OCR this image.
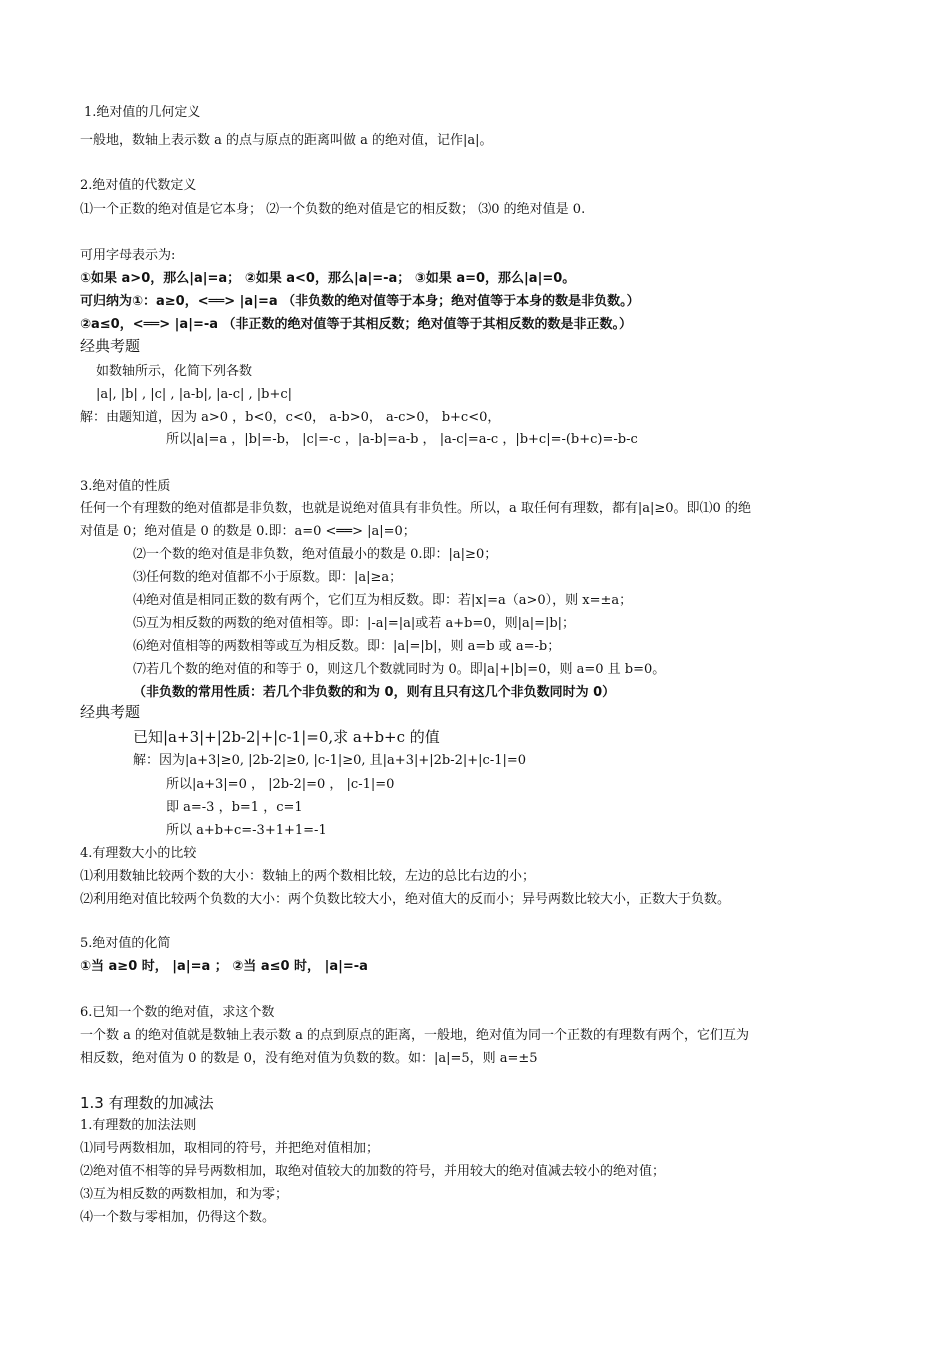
1.绝对值的几何定义
一般地，数轴上表示数 a 的点与原点的距离叫做 a 的绝对值，记作|a|。
2.绝对值的代数定义
⑴一个正数的绝对值是它本身； ⑵一个负数的绝对值是它的相反数； ⑶0 的绝对值是 0.
可用字母表示为:
①如果 a>0，那么|a|=a； ②如果 a<0，那么|a|=-a； ③如果 a=0，那么|a|=0。
可归纳为①：a≥0，<══> |a|=a （非负数的绝对值等于本身；绝对值等于本身的数是非负数。）
②a≤0，<══> |a|=-a （非正数的绝对值等于其相反数；绝对值等于其相反数的数是非正数。）
经典考题
如数轴所示，化简下列各数
|a|, |b| , |c| , |a-b|, |a-c| , |b+c|
解：由题知道，因为 a>0 ，b<0，c<0， a-b>0， a-c>0， b+c<0，
所以|a|=a ，|b|=-b， |c|=-c ，|a-b|=a-b ， |a-c|=a-c ，|b+c|=-(b+c)=-b-c
3.绝对值的性质
任何一个有理数的绝对值都是非负数，也就是说绝对值具有非负性。所以，a 取任何有理数，都有|a|≥0。即⑴0 的绝
对值是 0；绝对值是 0 的数是 0.即：a=0 <══> |a|=0；
⑵一个数的绝对值是非负数，绝对值最小的数是 0.即：|a|≥0；
⑶任何数的绝对值都不小于原数。即：|a|≥a；
⑷绝对值是相同正数的数有两个，它们互为相反数。即：若|x|=a（a>0），则 x=±a；
⑸互为相反数的两数的绝对值相等。即：|-a|=|a|或若 a+b=0，则|a|=|b|；
⑹绝对值相等的两数相等或互为相反数。即：|a|=|b|，则 a=b 或 a=-b；
⑺若几个数的绝对值的和等于 0，则这几个数就同时为 0。即|a|+|b|=0，则 a=0 且 b=0。
（非负数的常用性质：若几个非负数的和为 0，则有且只有这几个非负数同时为 0）
经典考题
已知|a+3|+|2b-2|+|c-1|=0,求 a+b+c 的值
解：因为|a+3|≥0, |2b-2|≥0, |c-1|≥0, 且|a+3|+|2b-2|+|c-1|=0
所以|a+3|=0 ， |2b-2|=0 ， |c-1|=0
即 a=-3 ，b=1 ，c=1
所以 a+b+c=-3+1+1=-1
4.有理数大小的比较
⑴利用数轴比较两个数的大小：数轴上的两个数相比较，左边的总比右边的小；
⑵利用绝对值比较两个负数的大小：两个负数比较大小，绝对值大的反而小；异号两数比较大小，正数大于负数。
5.绝对值的化简
①当 a≥0 时， |a|=a ； ②当 a≤0 时， |a|=-a
6.已知一个数的绝对值，求这个数
一个数 a 的绝对值就是数轴上表示数 a 的点到原点的距离，一般地，绝对值为同一个正数的有理数有两个，它们互为
相反数，绝对值为 0 的数是 0，没有绝对值为负数的数。如：|a|=5，则 a=±5
1.3 有理数的加减法
1.有理数的加法法则
⑴同号两数相加，取相同的符号，并把绝对值相加；
⑵绝对值不相等的异号两数相加，取绝对值较大的加数的符号，并用较大的绝对值减去较小的绝对值；
⑶互为相反数的两数相加，和为零；
⑷一个数与零相加，仍得这个数。
